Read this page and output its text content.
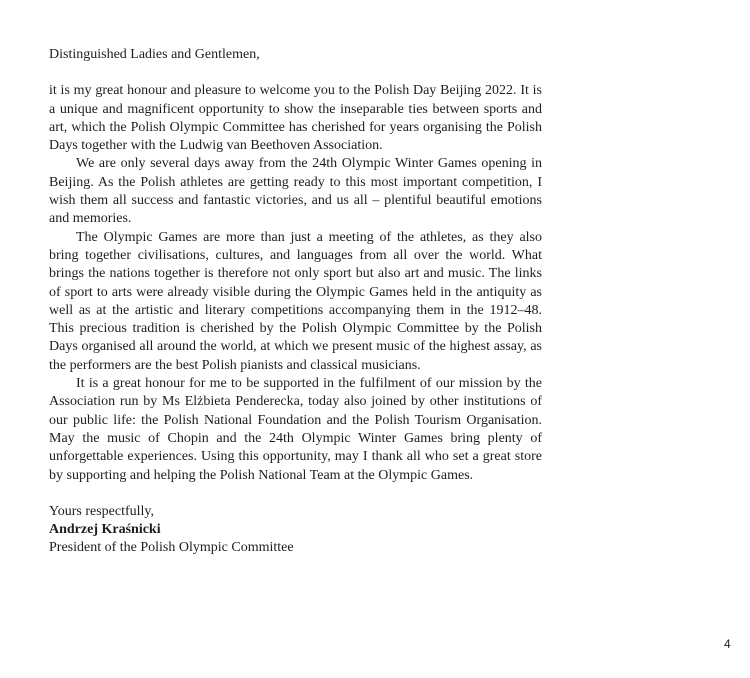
Distinguished Ladies and Gentlemen,

it is my great honour and pleasure to welcome you to the Polish Day Beijing 2022. It is a unique and magnificent opportunity to show the inseparable ties between sports and art, which the Polish Olympic Committee has cherished for years organising the Polish Days together with the Ludwig van Beethoven Association.

We are only several days away from the 24th Olympic Winter Games opening in Beijing. As the Polish athletes are getting ready to this most important competition, I wish them all success and fantastic victories, and us all – plentiful beautiful emotions and memories.

The Olympic Games are more than just a meeting of the athletes, as they also bring together civilisations, cultures, and languages from all over the world. What brings the nations together is therefore not only sport but also art and music. The links of sport to arts were already visible during the Olympic Games held in the antiquity as well as at the artistic and literary competitions accompanying them in the 1912–48. This precious tradition is cherished by the Polish Olympic Committee by the Polish Days organised all around the world, at which we present music of the highest assay, as the performers are the best Polish pianists and classical musicians.

It is a great honour for me to be supported in the fulfilment of our mission by the Association run by Ms Elżbieta Penderecka, today also joined by other institutions of our public life: the Polish National Foundation and the Polish Tourism Organisation. May the music of Chopin and the 24th Olympic Winter Games bring plenty of unforgettable experiences. Using this opportunity, may I thank all who set a great store by supporting and helping the Polish National Team at the Olympic Games.

Yours respectfully,
Andrzej Kraśnicki
President of the Polish Olympic Committee
4
